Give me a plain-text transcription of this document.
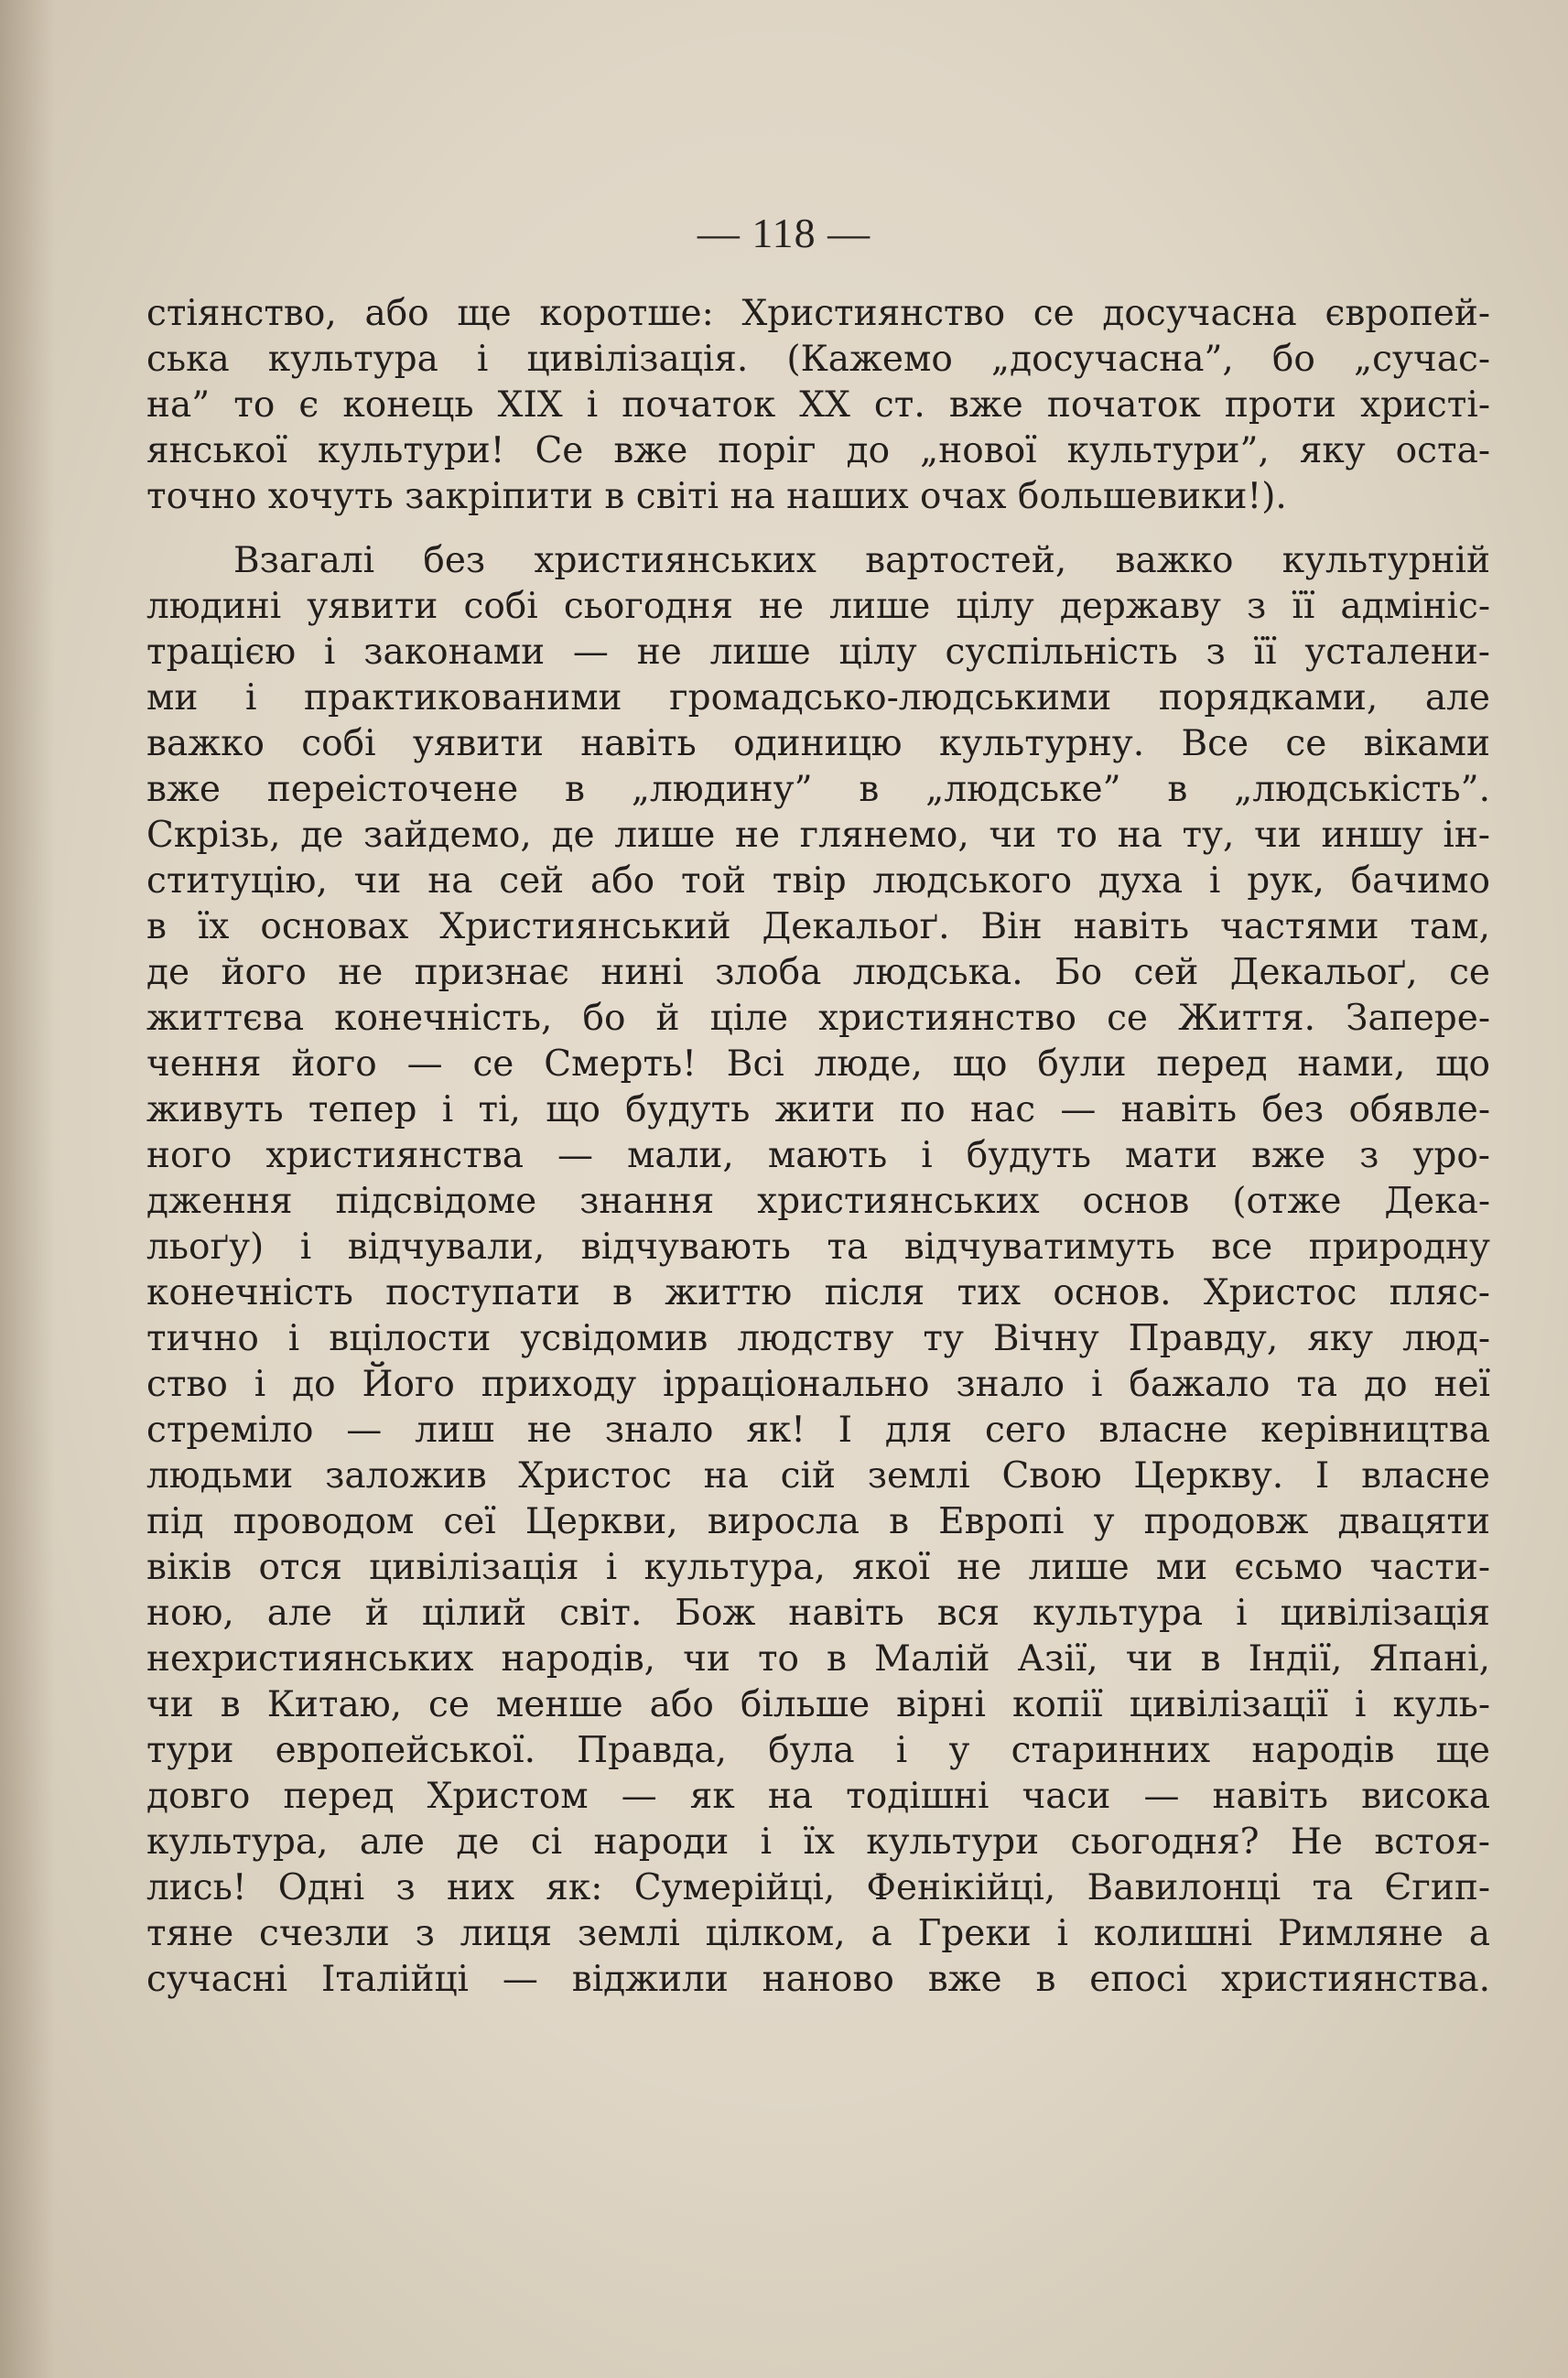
— 118 —
стіянство, або ще коротше: Християнство се досучасна європей-
ська культура і цивілізація. (Кажемо „досучасна”, бо „сучас-
на” то є конець XIX і початок XX ст. вже початок проти христі-
янської культури! Се вже поріг до „нової культури”, яку оста-
точно хочуть закріпити в світі на наших очах большевики!).
Взагалі без християнських вартостей, важко культурній
людині уявити собі сьогодня не лише цілу державу з її адмініс-
трацією і законами — не лише цілу суспільність з її усталени-
ми і практикованими громадсько-людськими порядками, але
важко собі уявити навіть одиницю культурну. Все се віками
вже переісточене в „людину” в „людське” в „людськість”.
Скрізь, де зайдемо, де лише не глянемо, чи то на ту, чи иншу ін-
ституцію, чи на сей або той твір людського духа і рук, бачимо
в їх основах Християнський Декальоґ. Він навіть частями там,
де його не признає нині злоба людська. Бо сей Декальоґ, се
життєва конечність, бо й ціле християнство се Життя. Запере-
чення його — се Смерть! Всі люде, що були перед нами, що
живуть тепер і ті, що будуть жити по нас — навіть без обявле-
ного християнства — мали, мають і будуть мати вже з уро-
дження підсвідоме знання християнських основ (отже Дека-
льоґу) і відчували, відчувають та відчуватимуть все природну
конечність поступати в життю після тих основ. Христос пляс-
тично і вцілости усвідомив людству ту Вічну Правду, яку люд-
ство і до Його приходу ірраціонально знало і бажало та до неї
стреміло — лиш не знало як! І для сего власне керівництва
людьми заложив Христос на сій землі Свою Церкву. І власне
під проводом сеї Церкви, виросла в Европі у продовж двацяти
віків отся цивілізація і культура, якої не лише ми єсьмо части-
ною, але й цілий світ. Бож навіть вся культура і цивілізація
нехристиянських народів, чи то в Малій Азії, чи в Індії, Япані,
чи в Китаю, се менше або більше вірні копії цивілізації і куль-
тури европейської. Правда, була і у старинних народів ще
довго перед Христом — як на тодішні часи — навіть висока
культура, але де сі народи і їх культури сьогодня? Не встоя-
лись! Одні з них як: Сумерійці, Фенікійці, Вавилонці та Єгип-
тяне счезли з лиця землі цілком, а Греки і колишні Римляне а
сучасні Італійці — віджили наново вже в епосі християнства.
